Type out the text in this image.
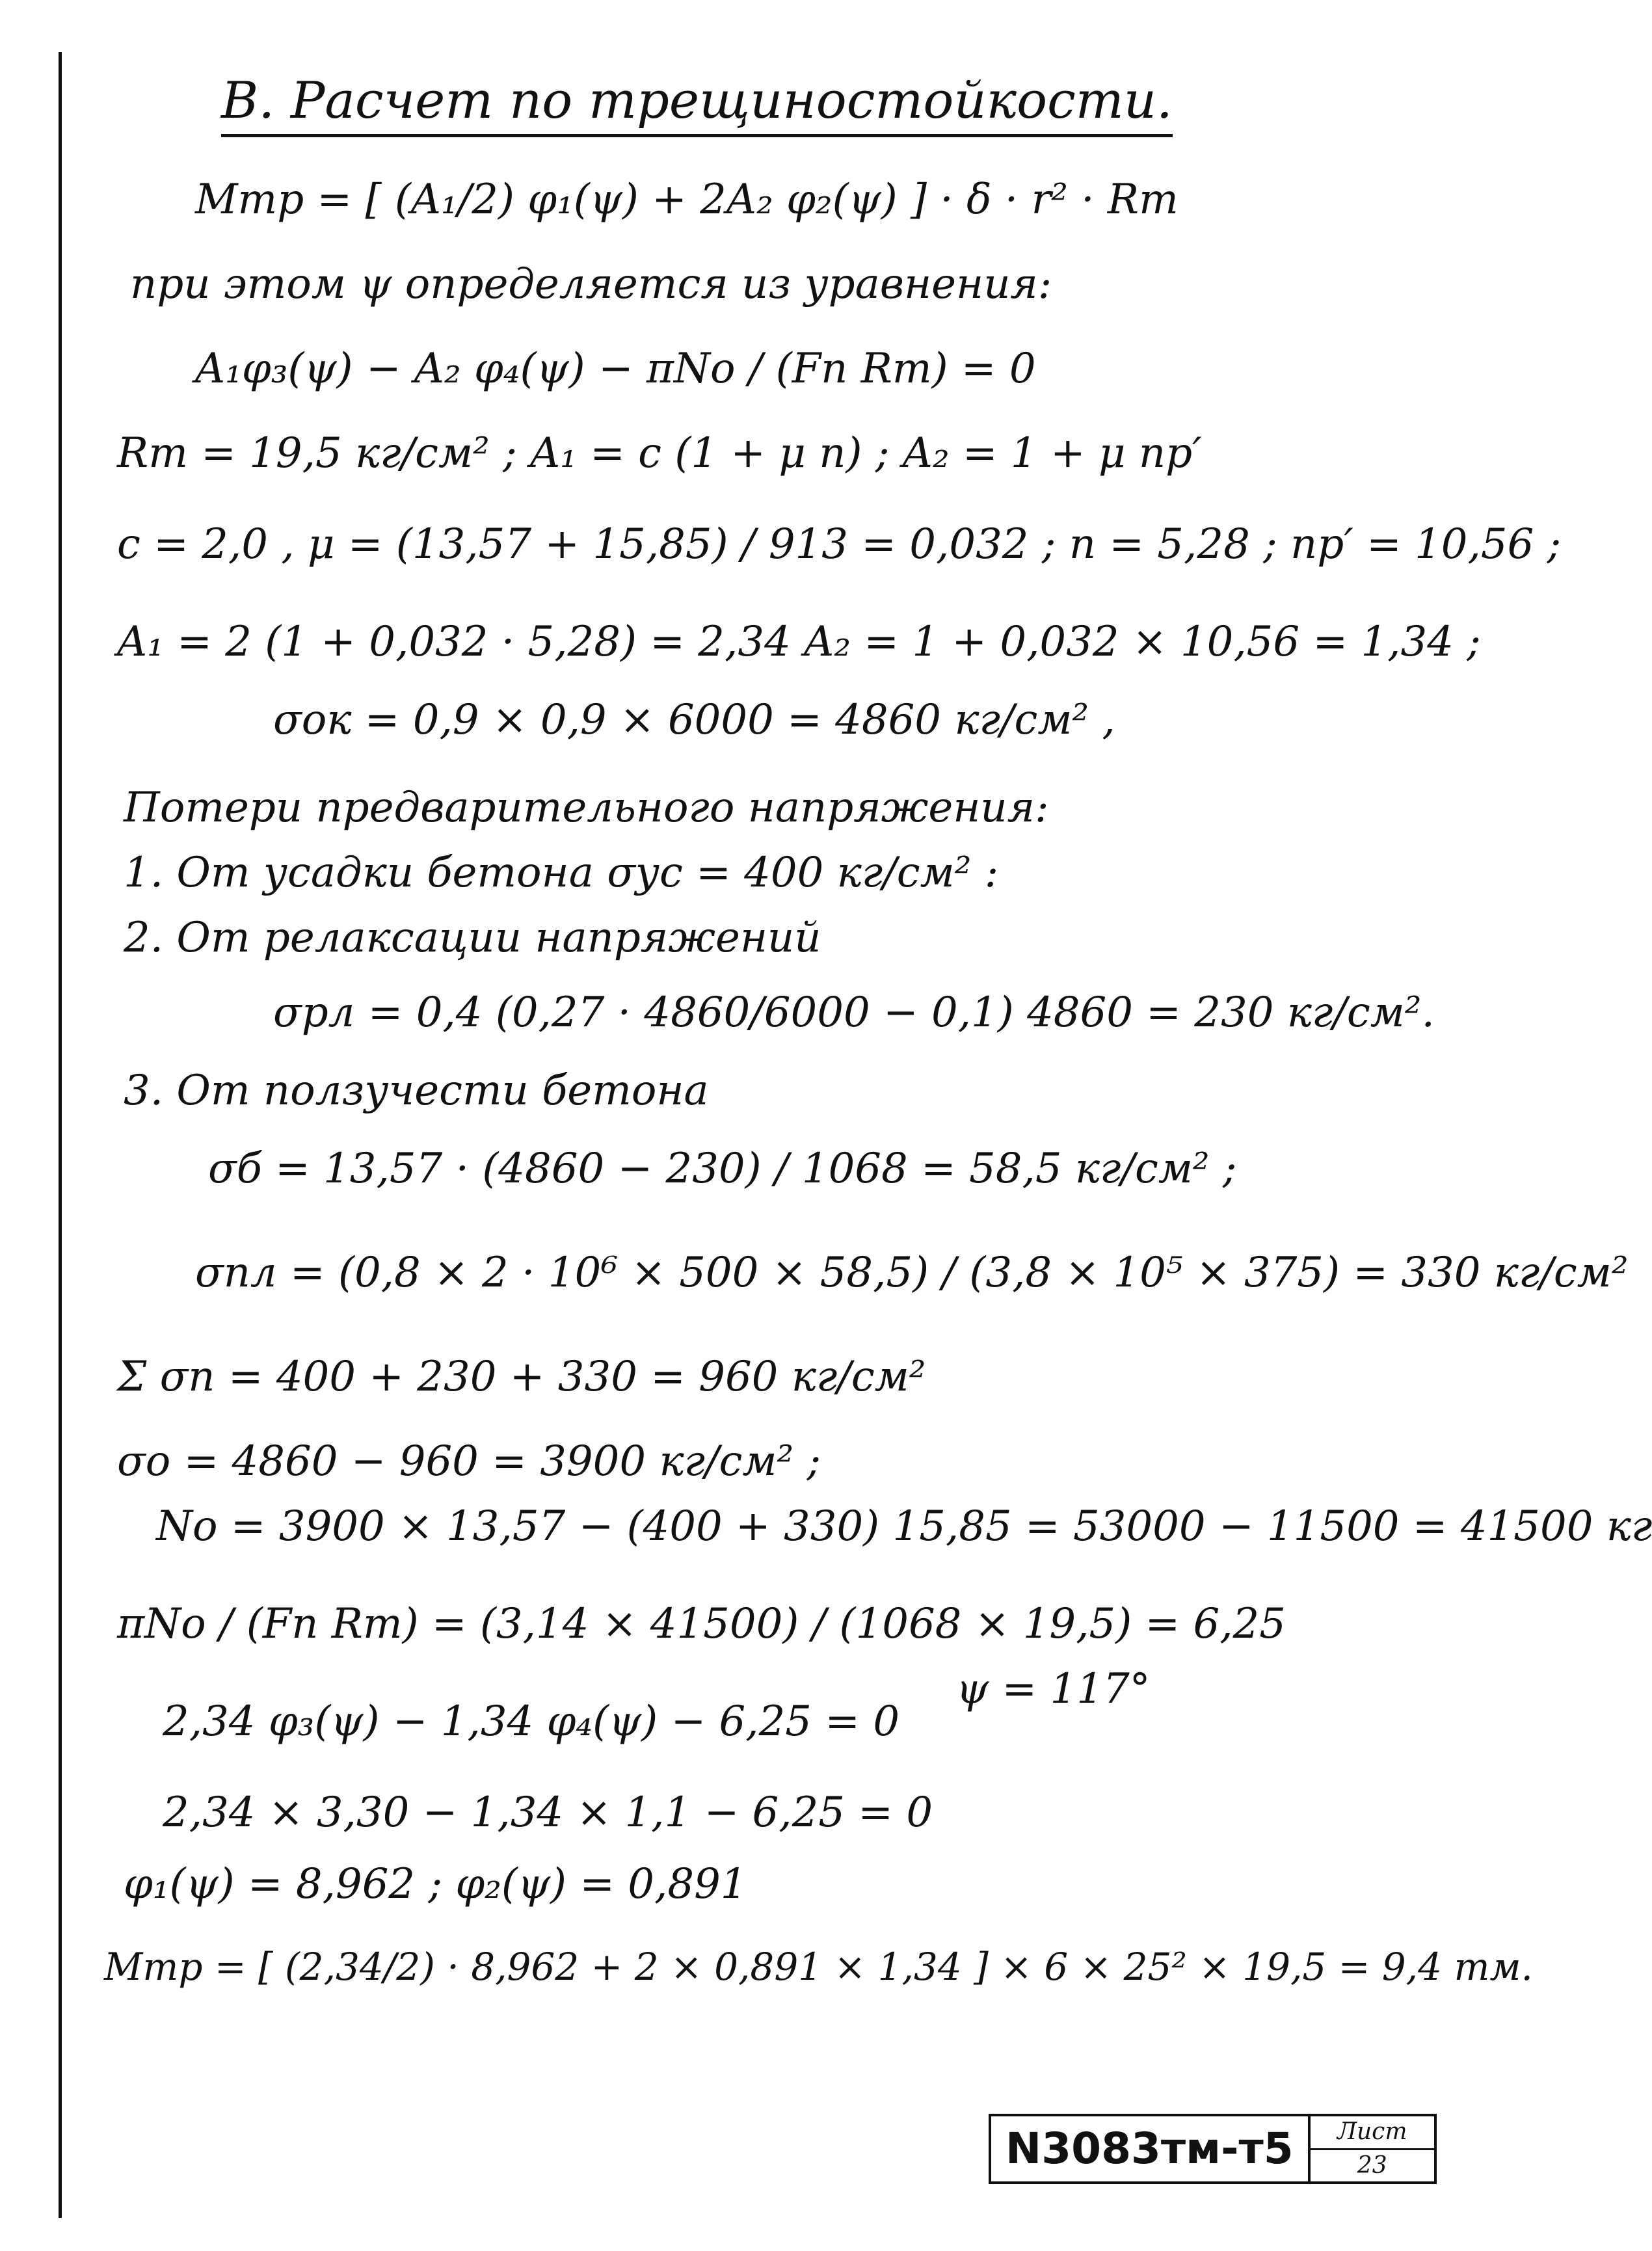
В. Расчет по трещиностойкости.
Мтр = [ (A₁/2) φ₁(ψ) + 2A₂ φ₂(ψ) ] · δ · r² · Rт
при этом ψ определяется из уравнения:
A₁φ₃(ψ) − A₂ φ₄(ψ) − πNo / (Fп Rт) = 0
Rт = 19,5 кг/см² ; A₁ = c (1 + μ n) ; A₂ = 1 + μ nр′
c = 2,0 , μ = (13,57 + 15,85) / 913 = 0,032 ; n = 5,28 ; nр′ = 10,56 ;
A₁ = 2 (1 + 0,032 · 5,28) = 2,34 A₂ = 1 + 0,032 × 10,56 = 1,34 ;
σок = 0,9 × 0,9 × 6000 = 4860 кг/см² ,
Потери предварительного напряжения:
1. От усадки бетона σус = 400 кг/см² :
2. От релаксации напряжений
σрл = 0,4 (0,27 · 4860/6000 − 0,1) 4860 = 230 кг/см².
3. От ползучести бетона
σб = 13,57 · (4860 − 230) / 1068 = 58,5 кг/см² ;
σпл = (0,8 × 2 · 10⁶ × 500 × 58,5) / (3,8 × 10⁵ × 375) = 330 кг/см²
Σ σп = 400 + 230 + 330 = 960 кг/см²
σо = 4860 − 960 = 3900 кг/см² ;
Nо = 3900 × 13,57 − (400 + 330) 15,85 = 53000 − 11500 = 41500 кг
πNo / (Fп Rт) = (3,14 × 41500) / (1068 × 19,5) = 6,25
2,34 φ₃(ψ) − 1,34 φ₄(ψ) − 6,25 = 0
ψ = 117°
2,34 × 3,30 − 1,34 × 1,1 − 6,25 = 0
φ₁(ψ) = 8,962 ; φ₂(ψ) = 0,891
Мтр = [ (2,34/2) · 8,962 + 2 × 0,891 × 1,34 ] × 6 × 25² × 19,5 = 9,4 тм.
N3083тм-т5	Лист
23
